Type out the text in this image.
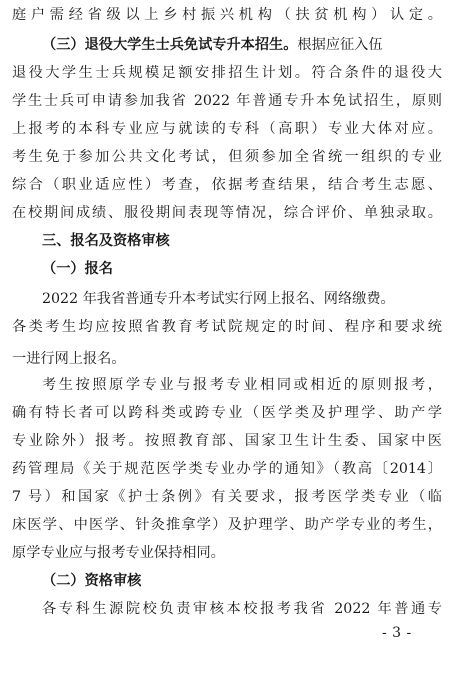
庭户需经省级以上乡村振兴机构（扶贫机构）认定。
（三）退役大学生士兵免试专升本招生。根据应征入伍
退役大学生士兵规模足额安排招生计划。符合条件的退役大
学生士兵可申请参加我省 2022 年普通专升本免试招生，原则
上报考的本科专业应与就读的专科（高职）专业大体对应。
考生免于参加公共文化考试，但须参加全省统一组织的专业
综合（职业适应性）考查，依据考查结果，结合考生志愿、
在校期间成绩、服役期间表现等情况，综合评价、单独录取。
三、报名及资格审核
（一）报名
2022 年我省普通专升本考试实行网上报名、网络缴费。
各类考生均应按照省教育考试院规定的时间、程序和要求统
一进行网上报名。
考生按照原学专业与报考专业相同或相近的原则报考，
确有特长者可以跨科类或跨专业（医学类及护理学、助产学
专业除外）报考。按照教育部、国家卫生计生委、国家中医
药管理局《关于规范医学类专业办学的通知》（教高〔2014〕
7 号）和国家《护士条例》有关要求，报考医学类专业（临
床医学、中医学、针灸推拿学）及护理学、助产学专业的考生，
原学专业应与报考专业保持相同。
（二）资格审核
各专科生源院校负责审核本校报考我省 2022 年普通专
- 3 -
